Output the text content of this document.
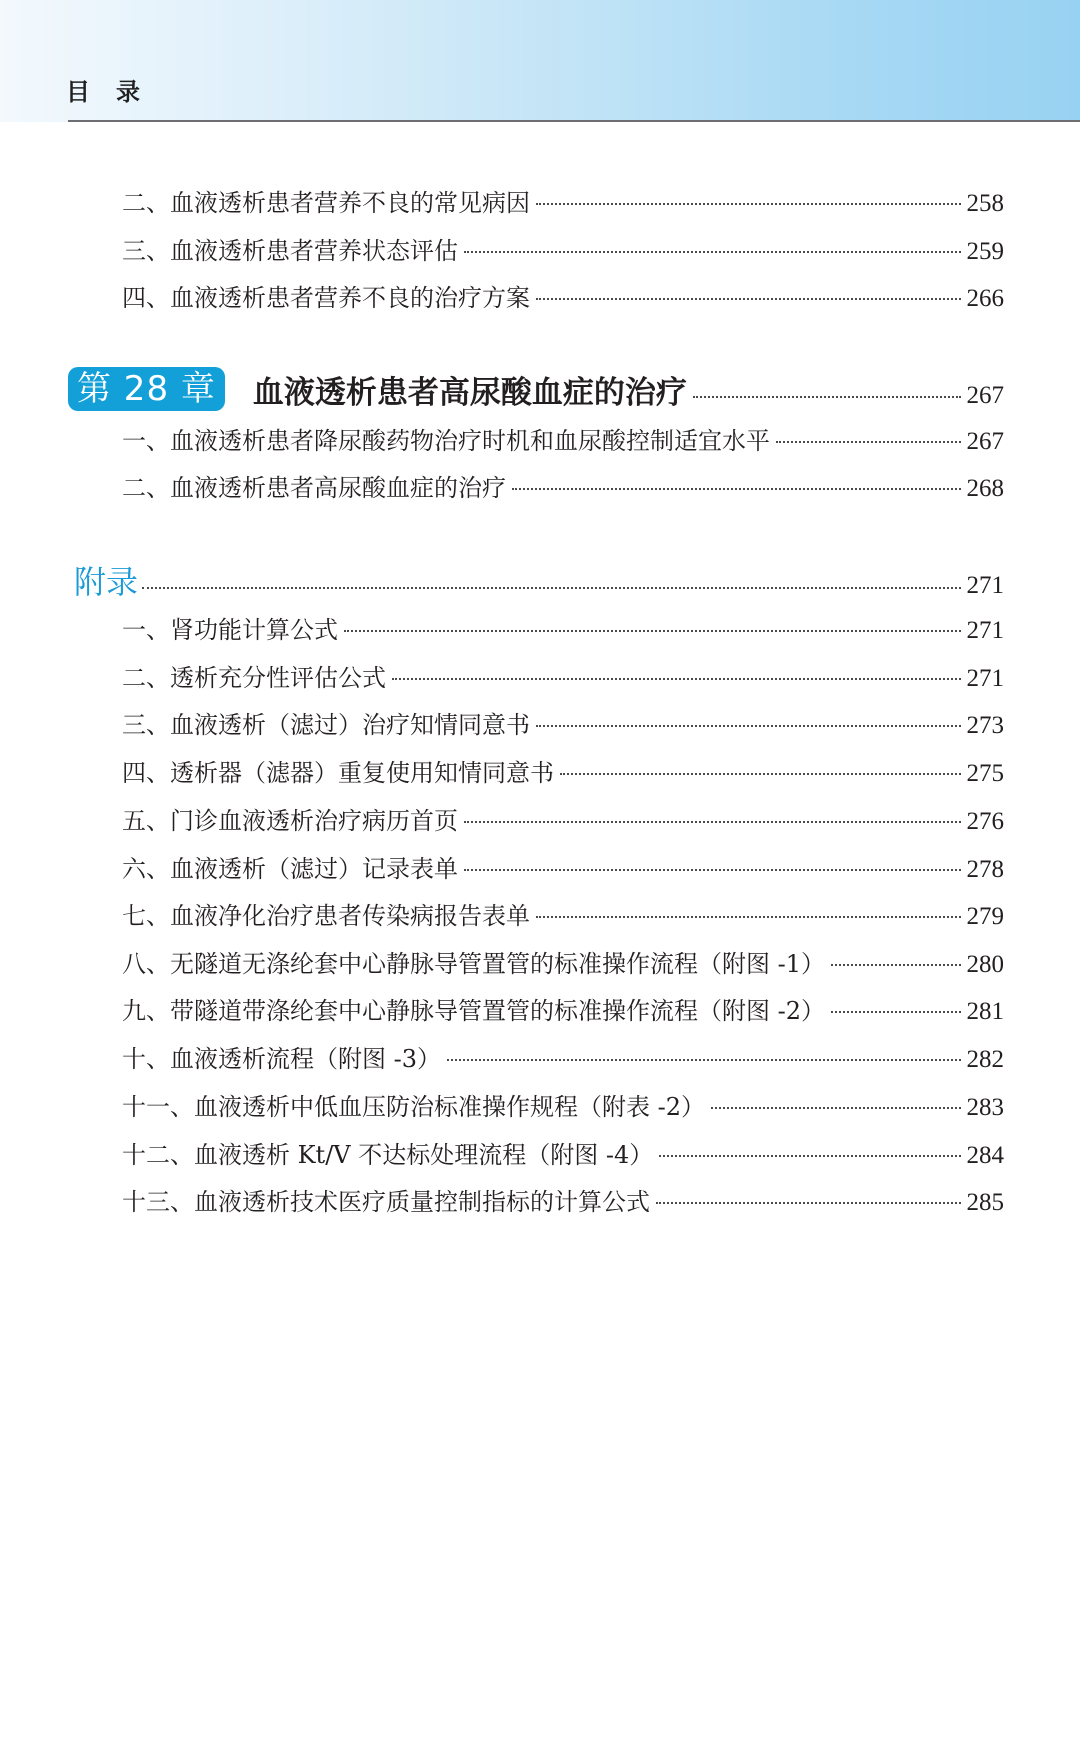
目录
二、血液透析患者营养不良的常见病因	258
三、血液透析患者营养状态评估	259
四、血液透析患者营养不良的治疗方案	266
第 28 章 血液透析患者高尿酸血症的治疗	267
一、血液透析患者降尿酸药物治疗时机和血尿酸控制适宜水平	267
二、血液透析患者高尿酸血症的治疗	268
附录	271
一、肾功能计算公式	271
二、透析充分性评估公式	271
三、血液透析（滤过）治疗知情同意书	273
四、透析器（滤器）重复使用知情同意书	275
五、门诊血液透析治疗病历首页	276
六、血液透析（滤过）记录表单	278
七、血液净化治疗患者传染病报告表单	279
八、无隧道无涤纶套中心静脉导管置管的标准操作流程（附图 -1）	280
九、带隧道带涤纶套中心静脉导管置管的标准操作流程（附图 -2）	281
十、血液透析流程（附图 -3）	282
十一、血液透析中低血压防治标准操作规程（附表 -2）	283
十二、血液透析 Kt/V 不达标处理流程（附图 -4）	284
十三、血液透析技术医疗质量控制指标的计算公式	285
